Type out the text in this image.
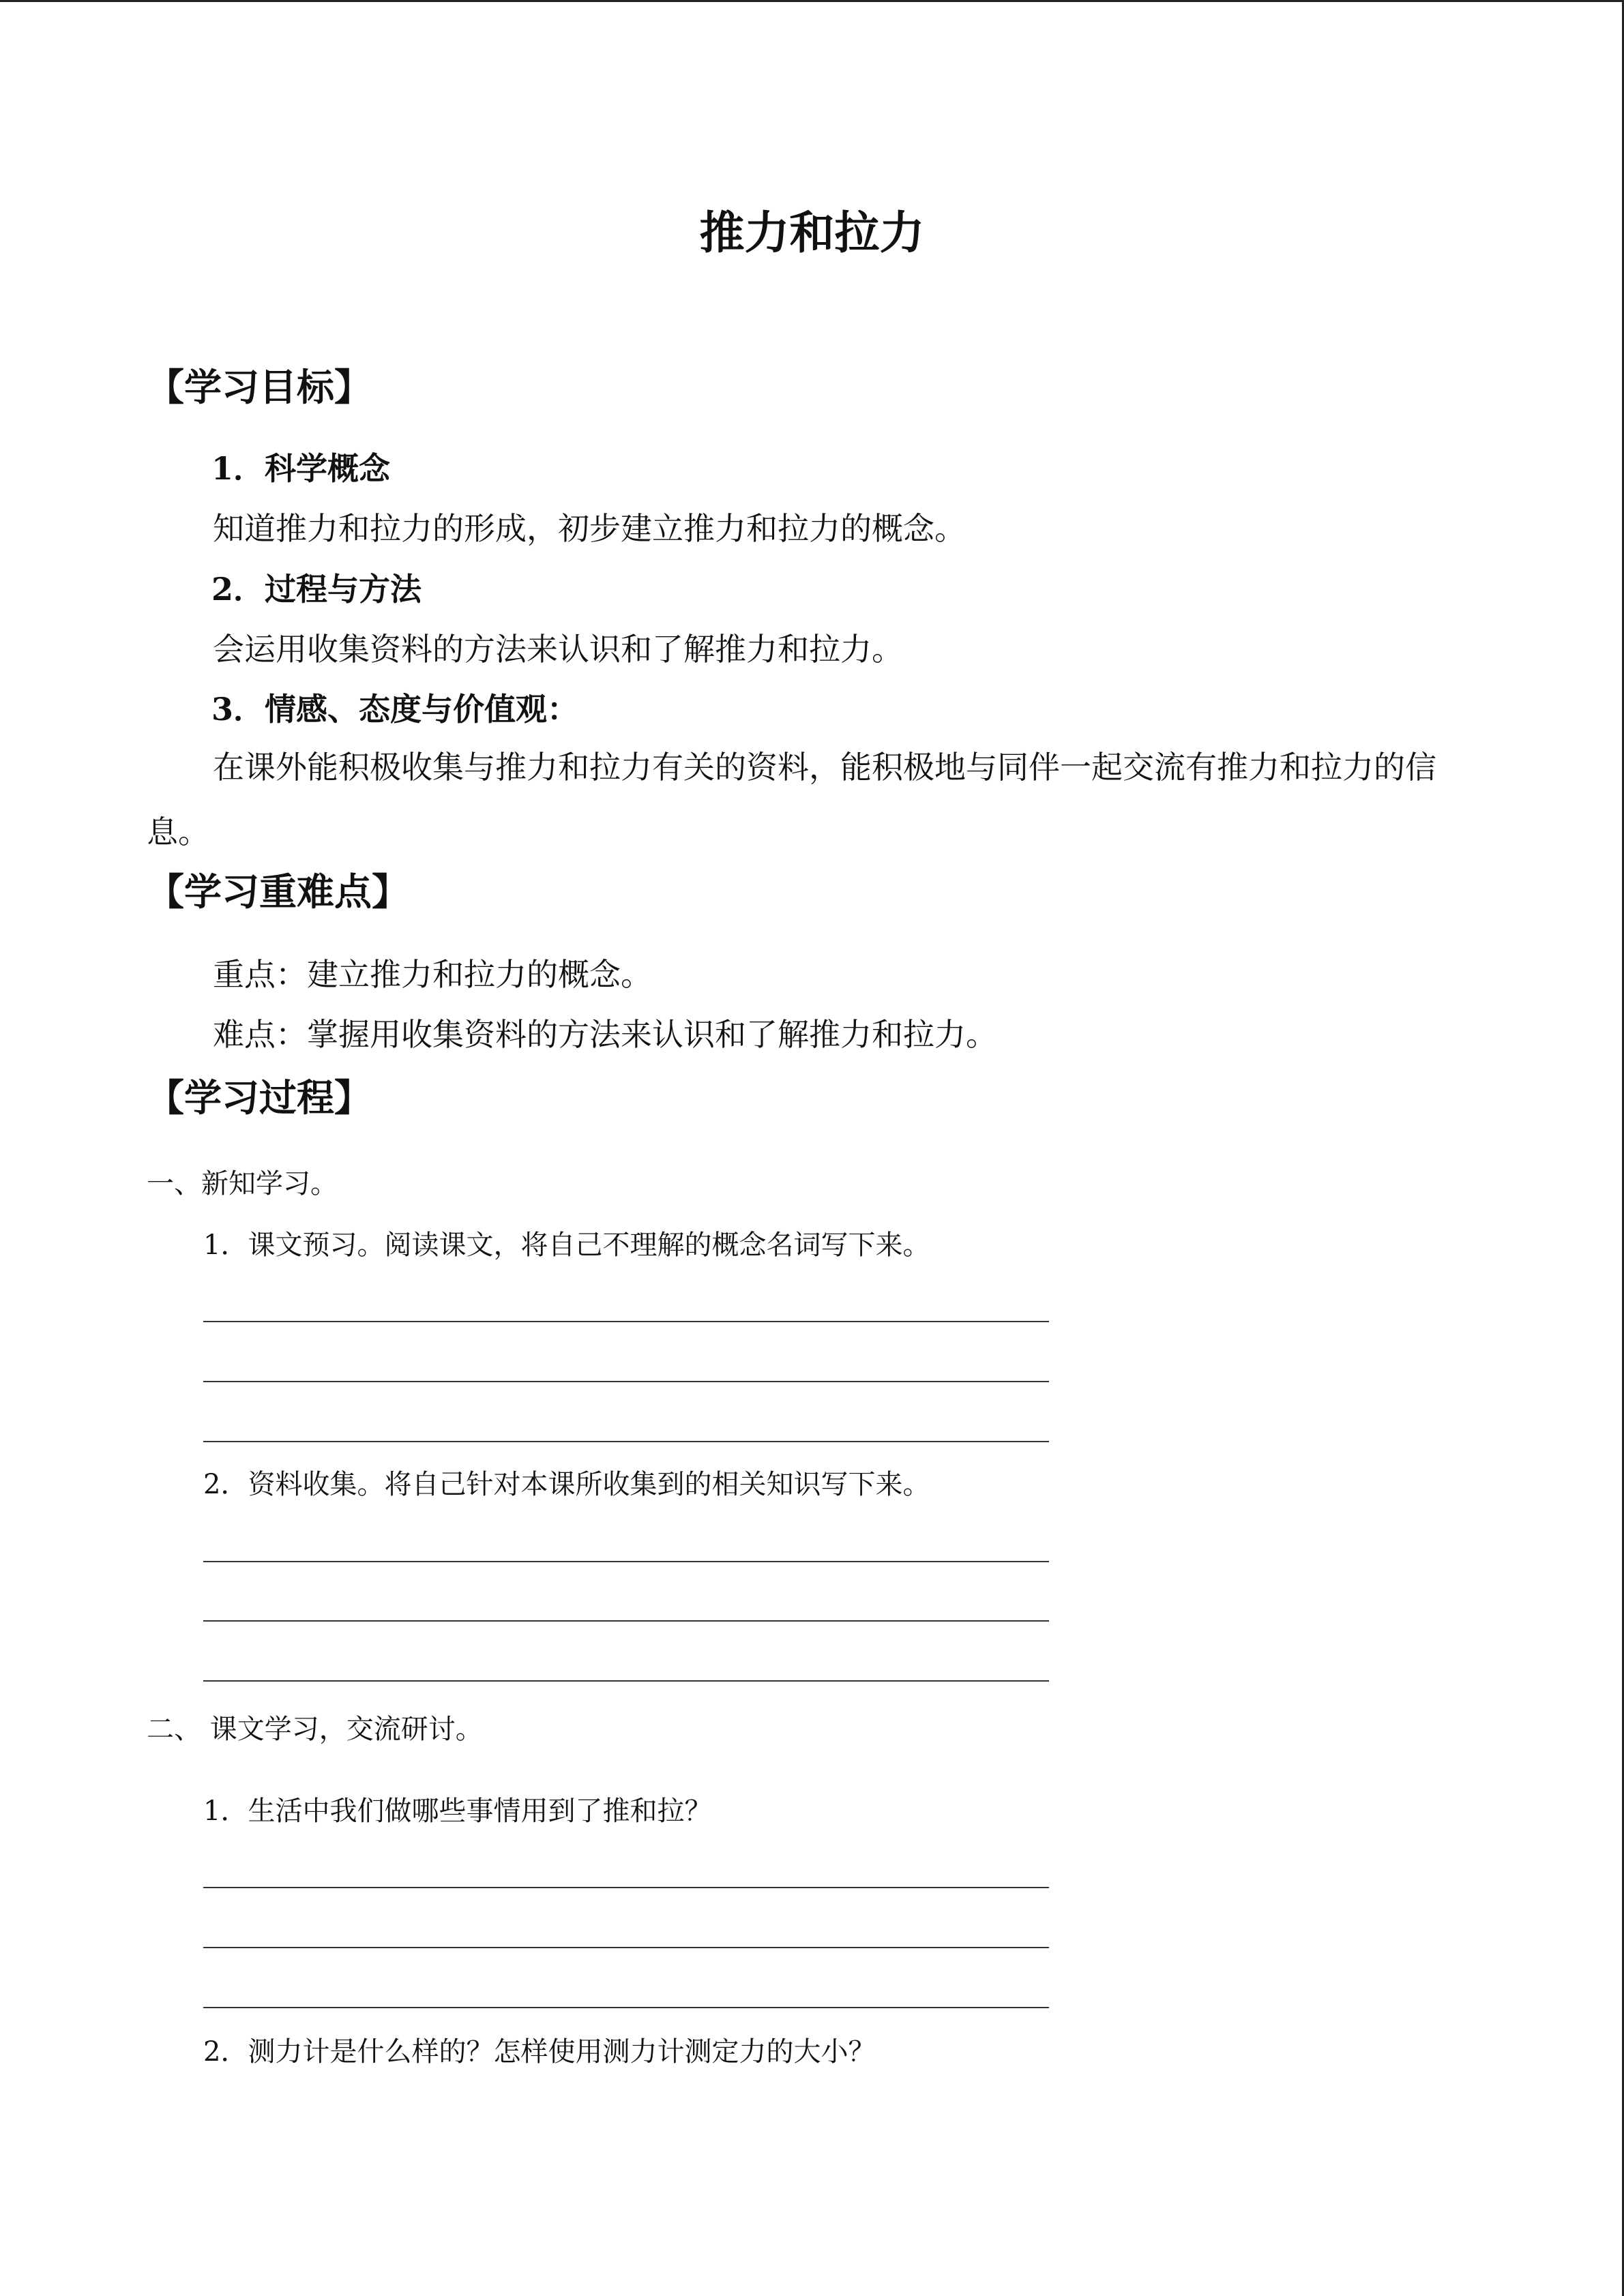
推力和拉力
【学习目标】
1．科学概念
知道推力和拉力的形成，初步建立推力和拉力的概念。
2．过程与方法
会运用收集资料的方法来认识和了解推力和拉力。
3．情感、态度与价值观：
在课外能积极收集与推力和拉力有关的资料，能积极地与同伴一起交流有推力和拉力的信息。
【学习重难点】
重点：建立推力和拉力的概念。
难点：掌握用收集资料的方法来认识和了解推力和拉力。
【学习过程】
一、新知学习。
1．课文预习。阅读课文，将自己不理解的概念名词写下来。
2．资料收集。将自己针对本课所收集到的相关知识写下来。
二、 课文学习，交流研讨。
1．生活中我们做哪些事情用到了推和拉？
2．测力计是什么样的？怎样使用测力计测定力的大小？
